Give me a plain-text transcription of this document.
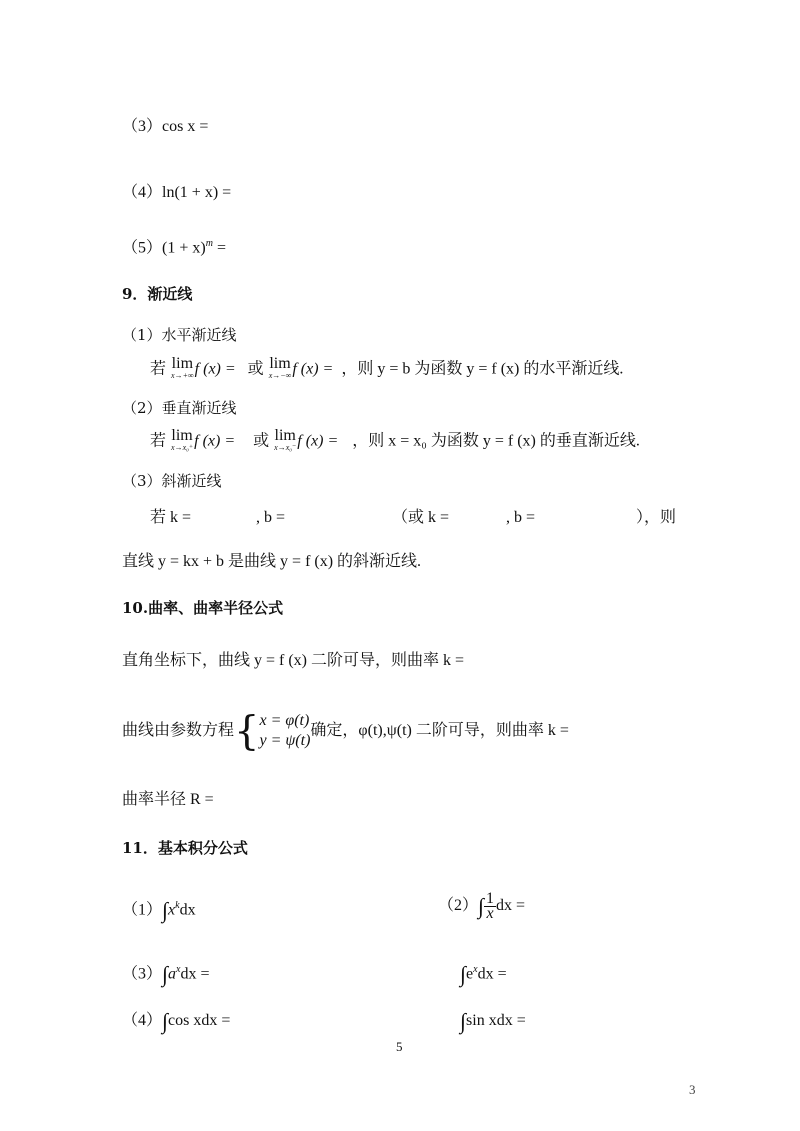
（3）cos x =
（4）ln(1 + x) =
$(5)(1 + x)^m$ =
9．渐近线
（1）水平渐近线
若 lim
x→+∞ f (x) = 或 lim
x→−∞ f (x) = ，则 y = b 为函数 y = f (x) 的水平渐近线.
（2）垂直渐近线
若 lim
x→x₀⁺ f (x) = 或 lim
x→x₀⁻ f (x) = ，则 x = x₀ 为函数 y = f (x) 的垂直渐近线.
（3）斜渐近线
若 k =	, b =	（或 k =	, b =	），则
直线 y = kx + b 是曲线 y = f (x) 的斜渐近线.
10.曲率、曲率半径公式
直角坐标下，曲线 y = f (x) 二阶可导，则曲率 k =
曲线由参数方程{ x = φ(t)
y = ψ(t)
确定，φ(t),ψ(t) 二阶可导，则曲率 k =
曲率半径 R =
11．基本积分公式
$(1)\int x^kdx$	$(2)\int \frac{1}{x}$ dx =
$(3)\int a^xdx$ =	$\int e^xdx$ =
（4）∫cos xdx =	∫sin xdx =
5
3
